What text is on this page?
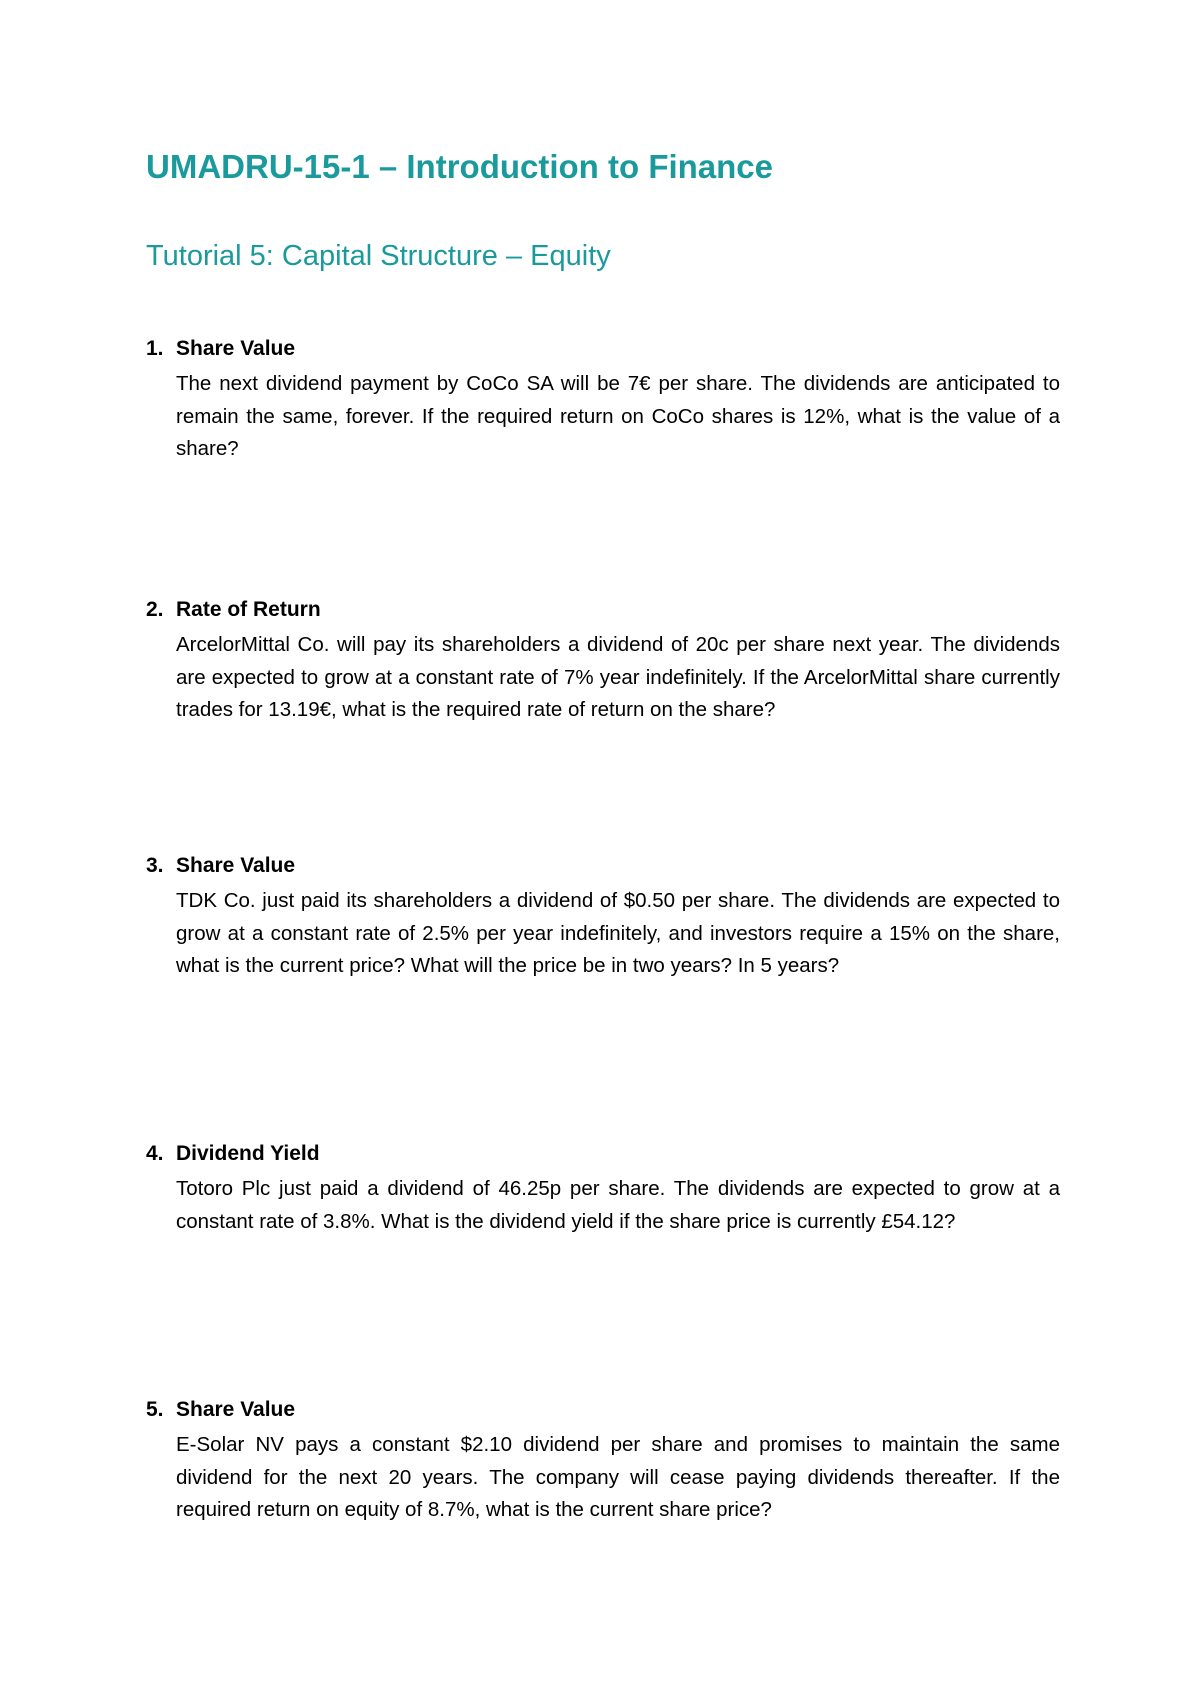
UMADRU-15-1 – Introduction to Finance
Tutorial 5: Capital Structure – Equity
1. Share Value

The next dividend payment by CoCo SA will be 7€ per share. The dividends are anticipated to remain the same, forever. If the required return on CoCo shares is 12%, what is the value of a share?

2. Rate of Return

ArcelorMittal Co. will pay its shareholders a dividend of 20c per share next year. The dividends are expected to grow at a constant rate of 7% year indefinitely. If the ArcelorMittal share currently trades for 13.19€, what is the required rate of return on the share?

3. Share Value

TDK Co. just paid its shareholders a dividend of $0.50 per share. The dividends are expected to grow at a constant rate of 2.5% per year indefinitely, and investors require a 15% on the share, what is the current price? What will the price be in two years? In 5 years?

4. Dividend Yield

Totoro Plc just paid a dividend of 46.25p per share. The dividends are expected to grow at a constant rate of 3.8%. What is the dividend yield if the share price is currently £54.12?

5. Share Value

E-Solar NV pays a constant $2.10 dividend per share and promises to maintain the same dividend for the next 20 years. The company will cease paying dividends thereafter. If the required return on equity of 8.7%, what is the current share price?
